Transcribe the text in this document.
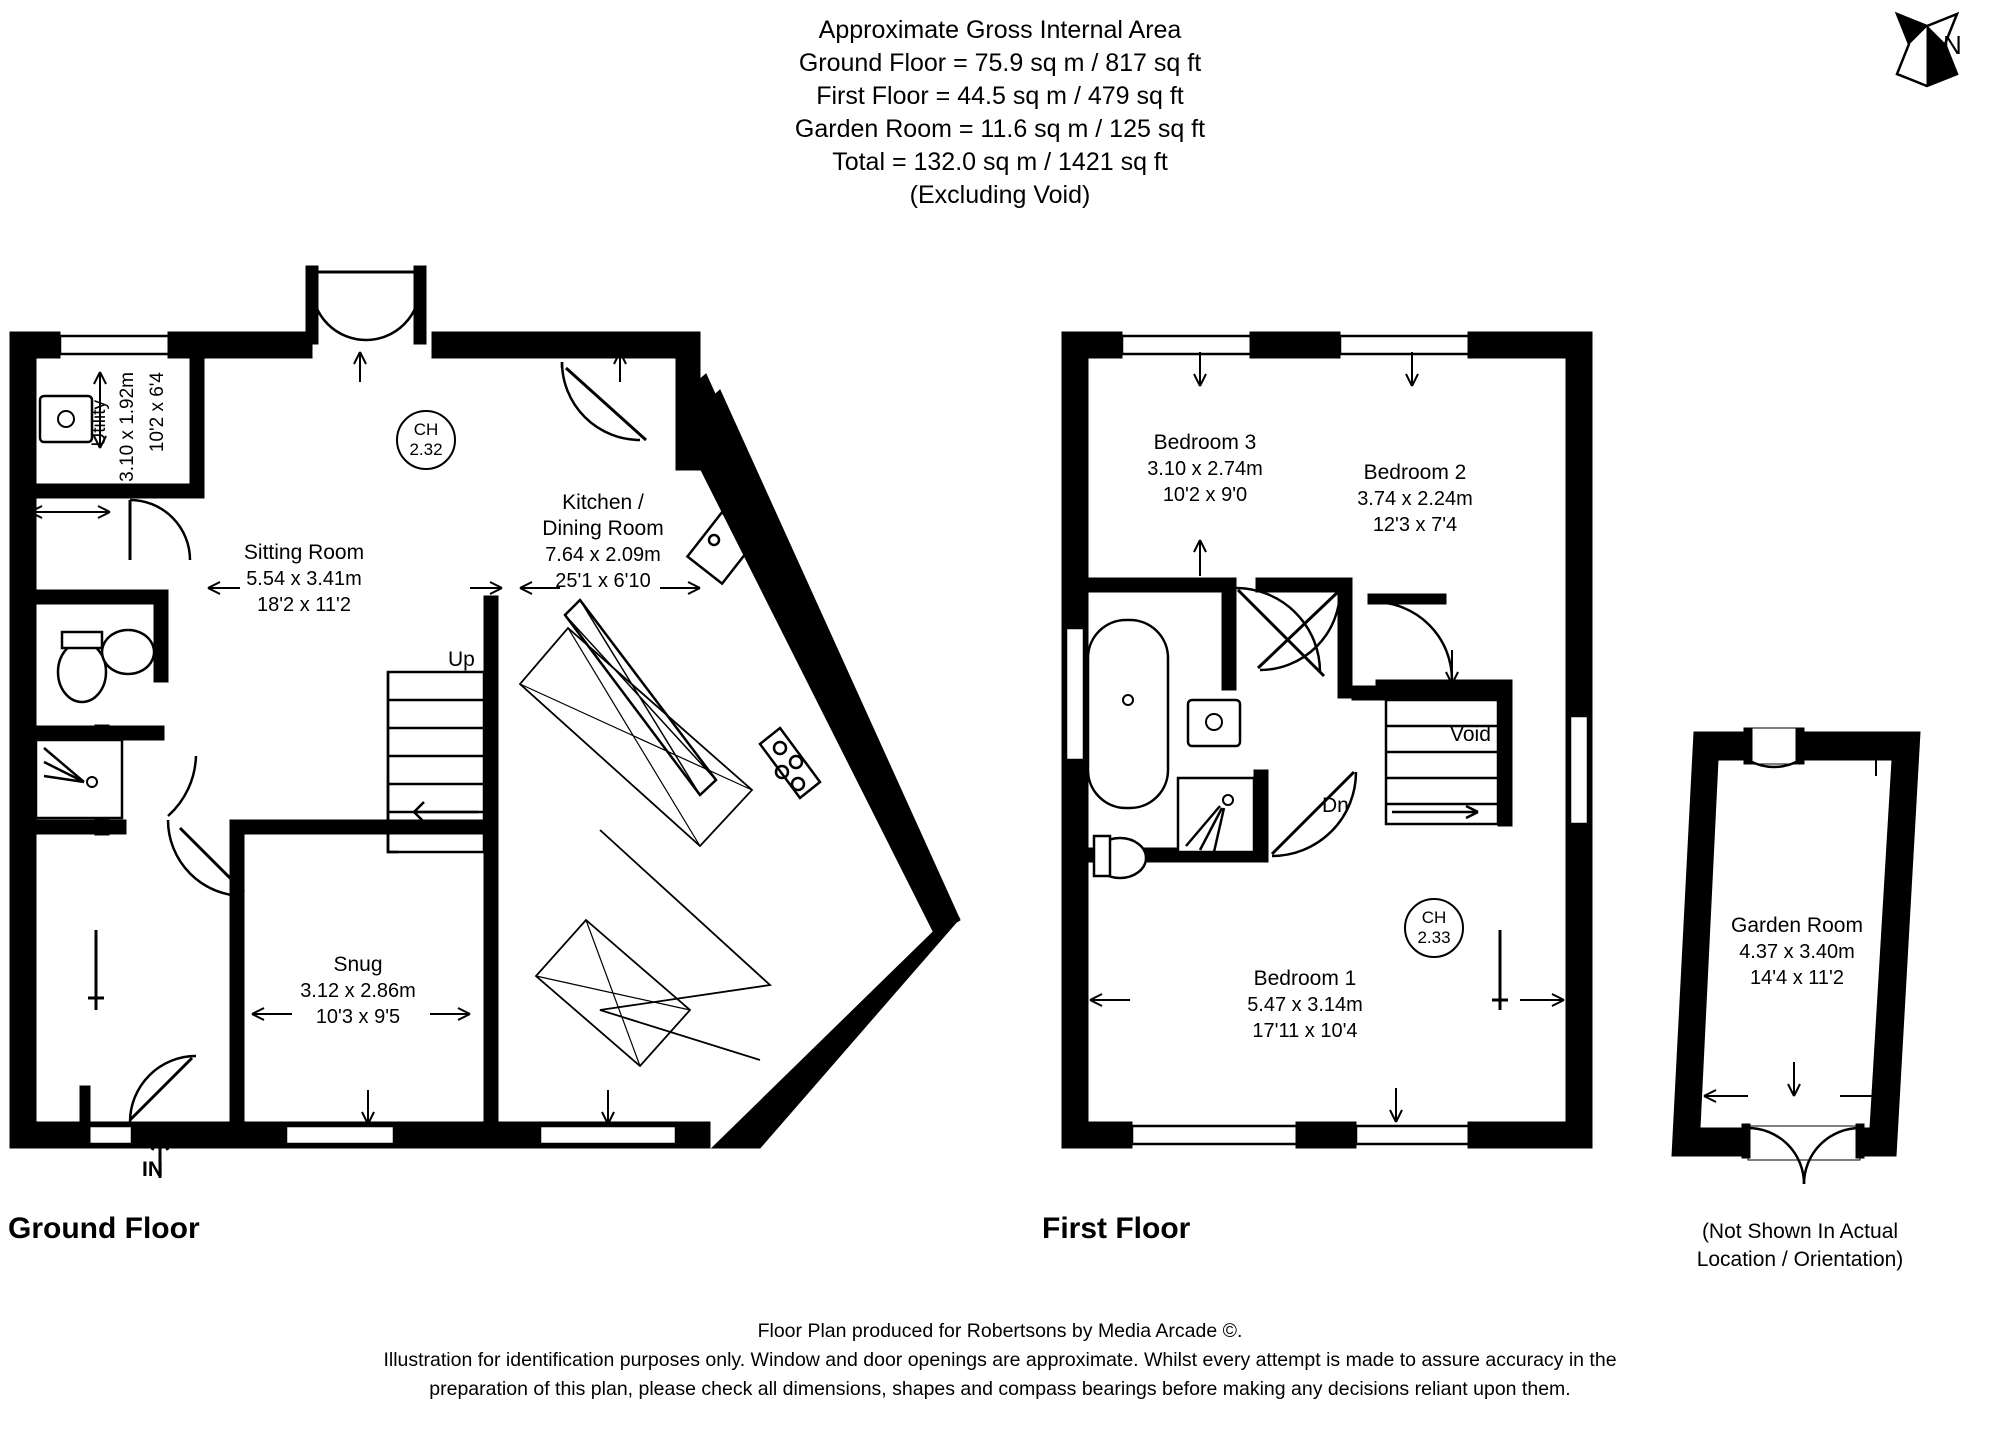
Approximate Gross Internal Area
Ground Floor = 75.9 sq m / 817 sq ft
First Floor = 44.5 sq m / 479 sq ft
Garden Room = 11.6 sq m / 125 sq ft
Total = 132.0 sq m / 1421 sq ft
(Excluding Void)
3.10 x 1.92m 10'2 x 6'4
Utility
Sitting Room
5.54 x 3.41m
18'2 x 11'2
Kitchen /
Dining Room
7.64 x 2.09m
25'1 x 6'10
Snug
3.12 x 2.86m
10'3 x 9'5
CH
2.32
Up
IN
Ground Floor
Bedroom 3
3.10 x 2.74m
10'2 x 9'0
Bedroom 2
3.74 x 2.24m
12'3 x 7'4
Bedroom 1
5.47 x 3.14m
17'11 x 10'4
Void
Dn
CH
2.33
First Floor
Garden Room
4.37 x 3.40m
14'4 x 11'2
(Not Shown In Actual
Location / Orientation)
N
Floor Plan produced for Robertsons by Media Arcade ©.
Illustration for identification purposes only. Window and door openings are approximate. Whilst every attempt is made to assure accuracy in the
preparation of this plan, please check all dimensions, shapes and compass bearings before making any decisions reliant upon them.
